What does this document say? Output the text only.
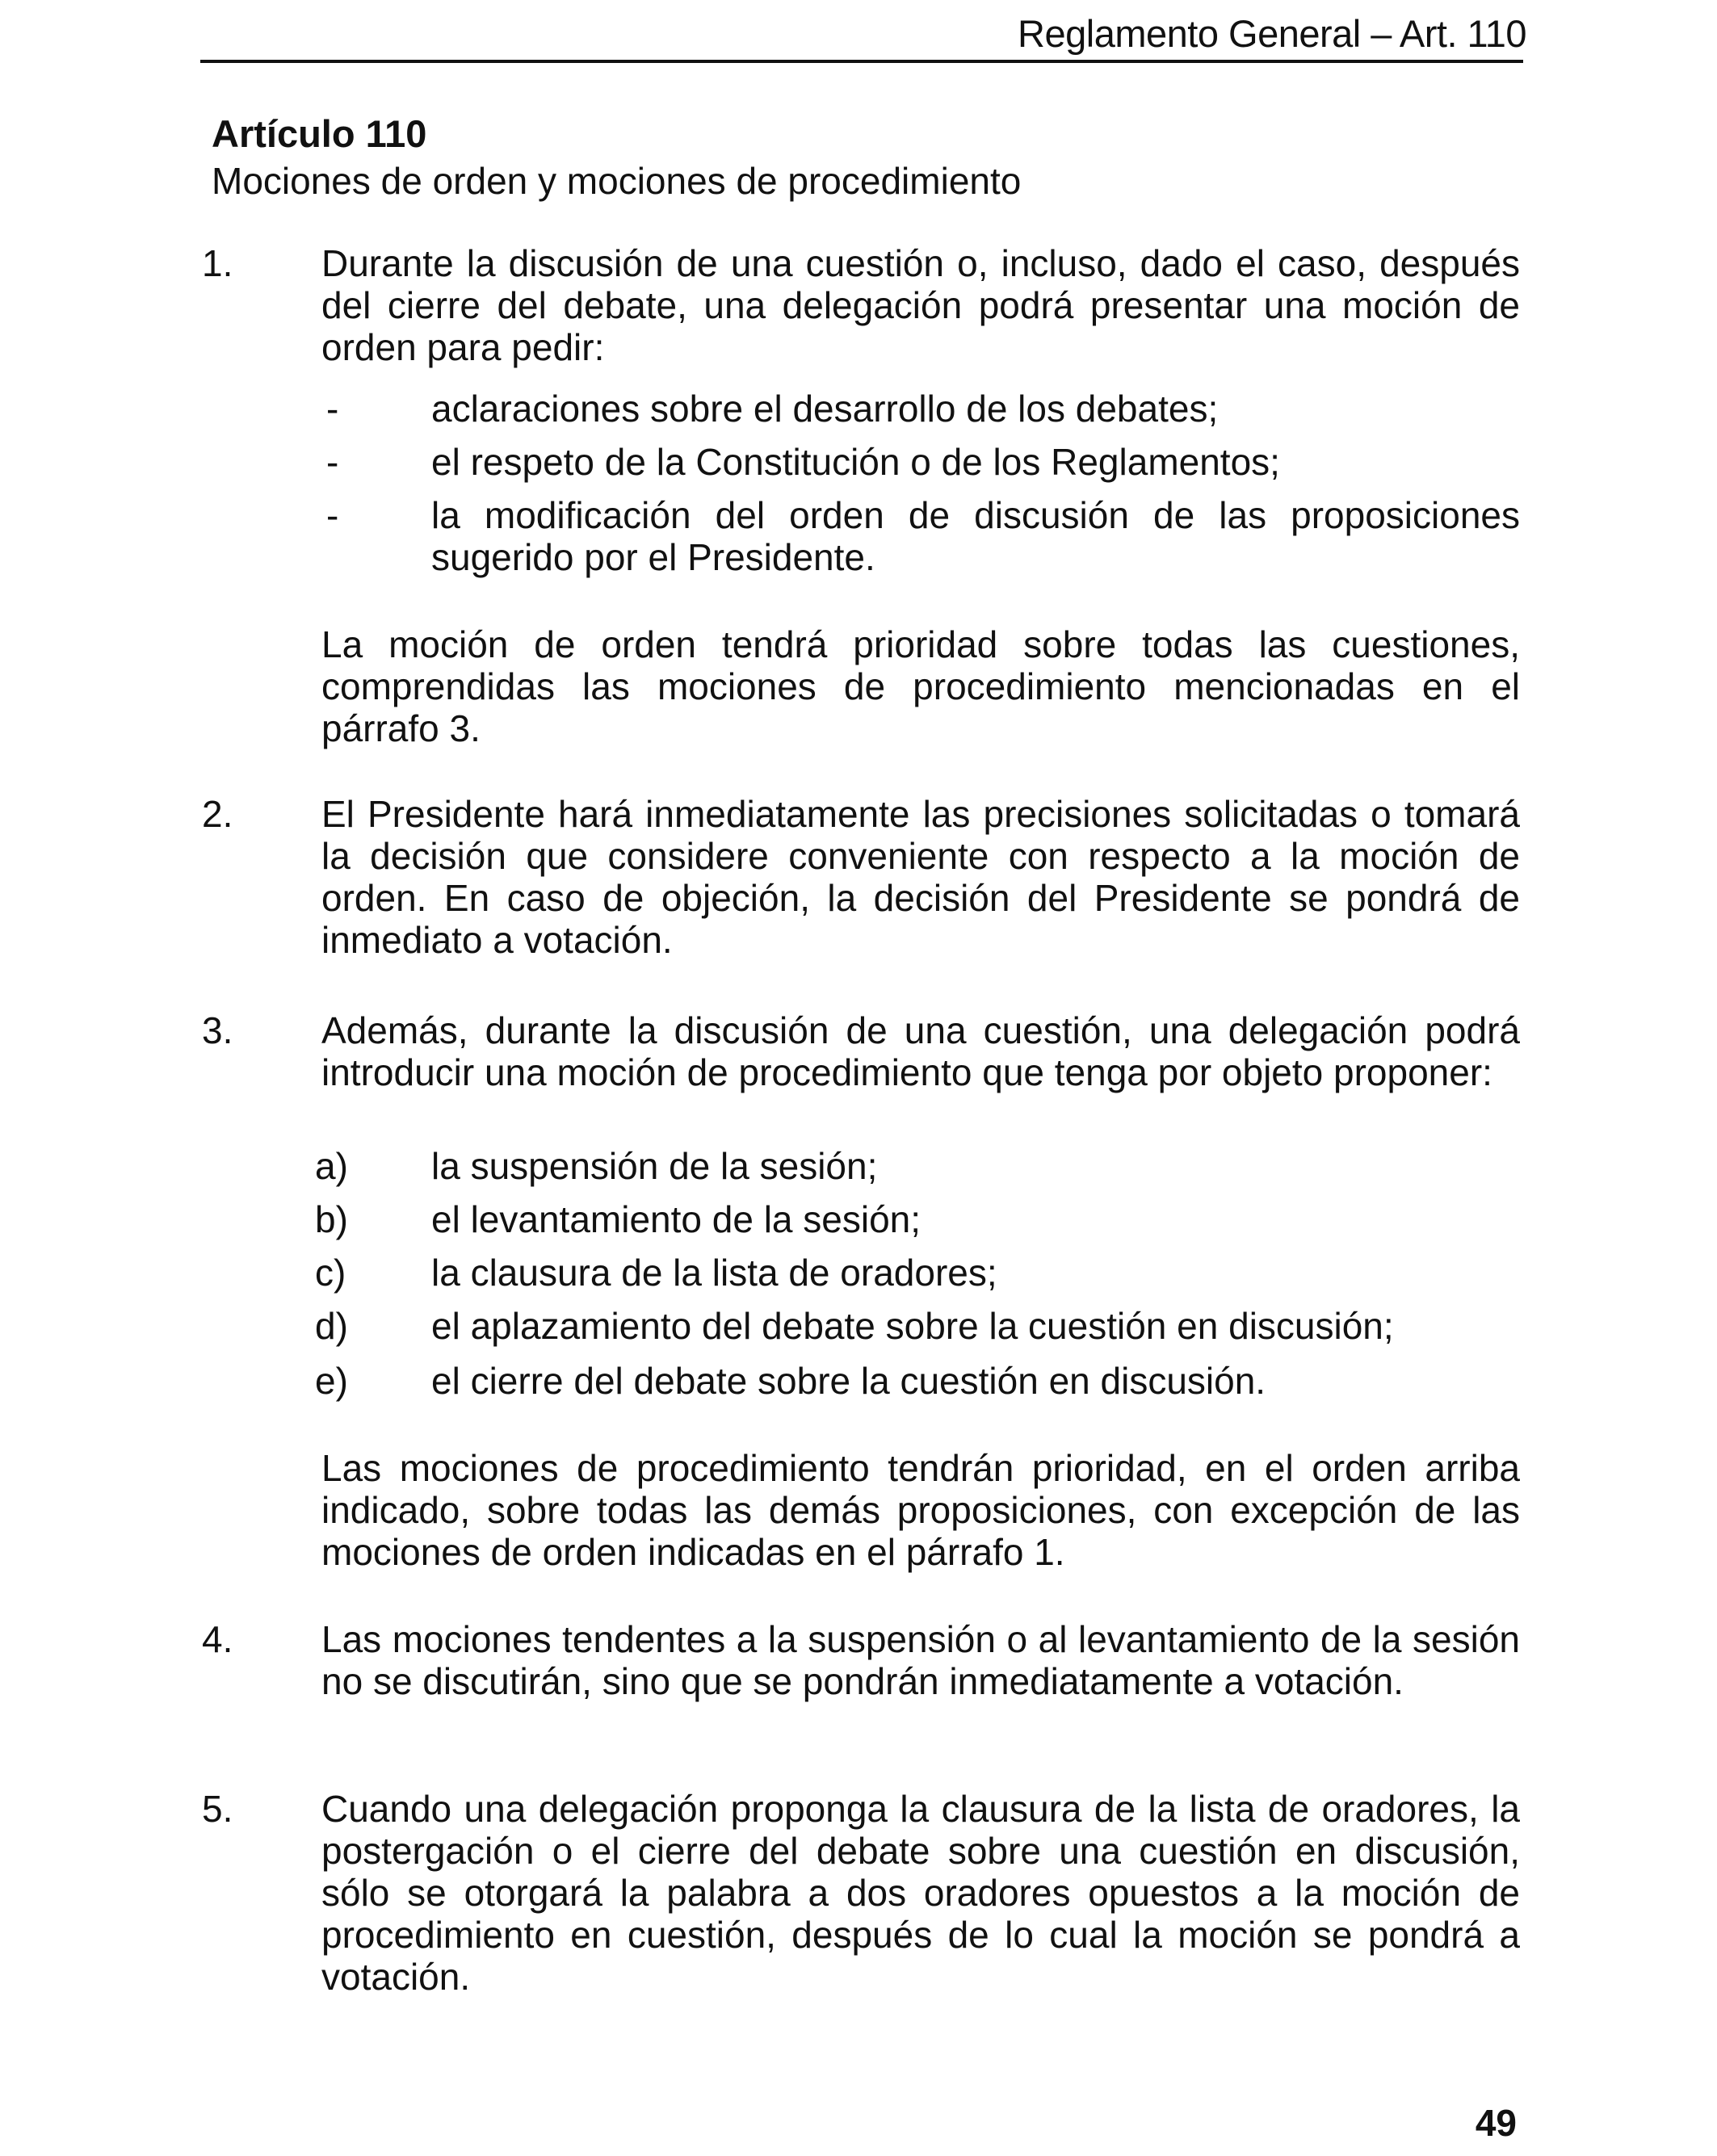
Reglamento General – Art. 110
Artículo 110
Mociones de orden y mociones de procedimiento
1. Durante la discusión de una cuestión o, incluso, dado el caso, después del cierre del debate, una delegación podrá presentar una moción de orden para pedir:
- aclaraciones sobre el desarrollo de los debates;
- el respeto de la Constitución o de los Reglamentos;
- la modificación del orden de discusión de las proposiciones sugerido por el Presidente.
La moción de orden tendrá prioridad sobre todas las cuestiones, comprendidas las mociones de procedimiento mencionadas en el párrafo 3.
2. El Presidente hará inmediatamente las precisiones solicitadas o tomará la decisión que considere conveniente con respecto a la moción de orden. En caso de objeción, la decisión del Presidente se pondrá de inmediato a votación.
3. Además, durante la discusión de una cuestión, una delegación podrá introducir una moción de procedimiento que tenga por objeto proponer:
a) la suspensión de la sesión;
b) el levantamiento de la sesión;
c) la clausura de la lista de oradores;
d) el aplazamiento del debate sobre la cuestión en discusión;
e) el cierre del debate sobre la cuestión en discusión.
Las mociones de procedimiento tendrán prioridad, en el orden arriba indicado, sobre todas las demás proposiciones, con excepción de las mociones de orden indicadas en el párrafo 1.
4. Las mociones tendentes a la suspensión o al levantamiento de la sesión no se discutirán, sino que se pondrán inmediatamente a votación.
5. Cuando una delegación proponga la clausura de la lista de oradores, la postergación o el cierre del debate sobre una cuestión en discusión, sólo se otorgará la palabra a dos oradores opuestos a la moción de procedimiento en cuestión, después de lo cual la moción se pondrá a votación.
49
